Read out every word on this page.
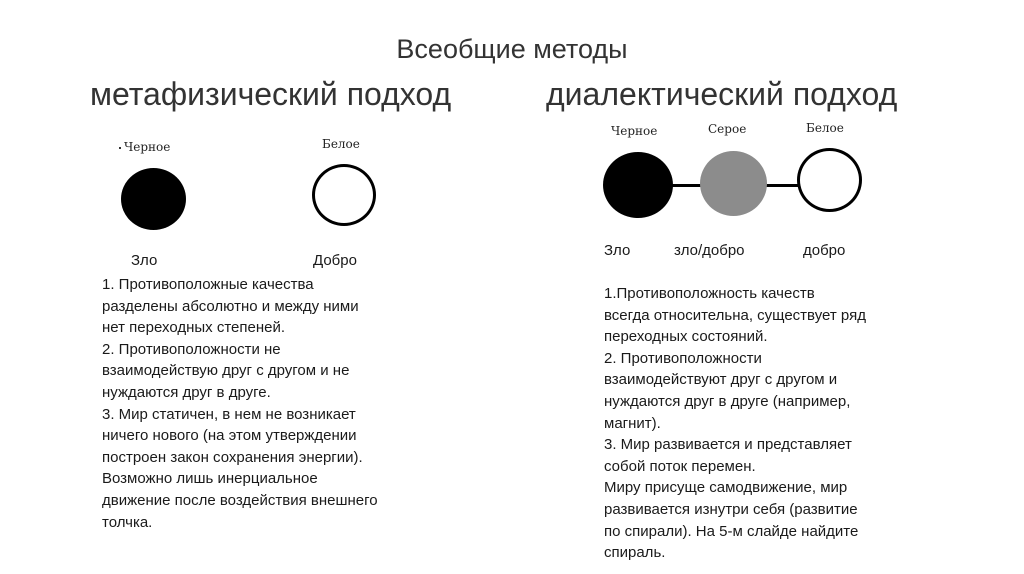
Всеобщие методы
метафизический подход	диалектический подход
Черное	Белое
Зло	Добро

1. Противоположные качества

разделены абсолютно и между ними

нет переходных степеней.

2. Противоположности не

взаимодействую друг с другом и не

нуждаются друг в друге.

3. Мир статичен, в нем не возникает

ничего нового (на этом утверждении

построен закон сохранения энергии).

Возможно лишь инерциальное

движение после воздействия внешнего

толчка.

Черное	Серое	Белое
Зло	зло/добро	добро

1.Противоположность качеств

всегда относительна, существует ряд

переходных состояний.

2. Противоположности

взаимодействуют друг с другом и

нуждаются друг в друге (например,

магнит).

3. Мир развивается и представляет

собой поток перемен.

Миру присуще самодвижение, мир

развивается изнутри себя (развитие

по спирали). На 5-м слайде найдите

спираль.
